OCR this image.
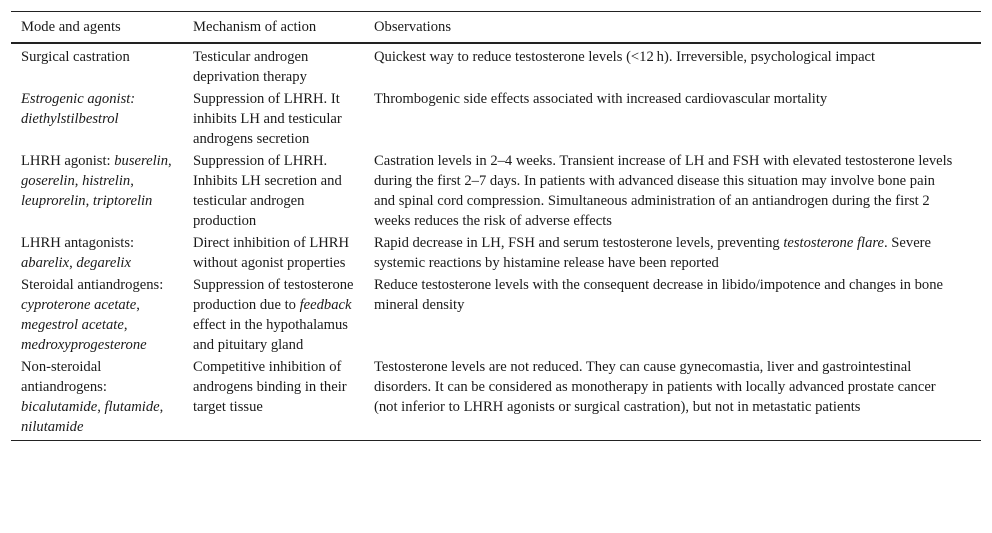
Mode and agents	Mechanism of action	Observations
Surgical castration	Testicular androgen deprivation therapy	Quickest way to reduce testosterone levels (<12 h). Irreversible, psychological impact
Estrogenic agonist: diethylstilbestrol	Suppression of LHRH. It inhibits LH and testicular androgens secretion	Thrombogenic side effects associated with increased cardiovascular mortality
LHRH agonist: buserelin, goserelin, histrelin, leuprorelin, triptorelin	Suppression of LHRH. Inhibits LH secretion and testicular androgen production	Castration levels in 2–4 weeks. Transient increase of LH and FSH with elevated testosterone levels during the first 2–7 days. In patients with advanced disease this situation may involve bone pain and spinal cord compression. Simultaneous administration of an antiandrogen during the first 2 weeks reduces the risk of adverse effects
LHRH antagonists: abarelix, degarelix	Direct inhibition of LHRH without agonist properties	Rapid decrease in LH, FSH and serum testosterone levels, preventing testosterone flare. Severe systemic reactions by histamine release have been reported
Steroidal antiandrogens: cyproterone acetate, megestrol acetate, medroxyprogesterone	Suppression of testosterone production due to feedback effect in the hypothalamus and pituitary gland	Reduce testosterone levels with the consequent decrease in libido/impotence and changes in bone mineral density
Non-steroidal antiandrogens: bicalutamide, flutamide, nilutamide	Competitive inhibition of androgens binding in their target tissue	Testosterone levels are not reduced. They can cause gynecomastia, liver and gastrointestinal disorders. It can be considered as monotherapy in patients with locally advanced prostate cancer (not inferior to LHRH agonists or surgical castration), but not in metastatic patients
